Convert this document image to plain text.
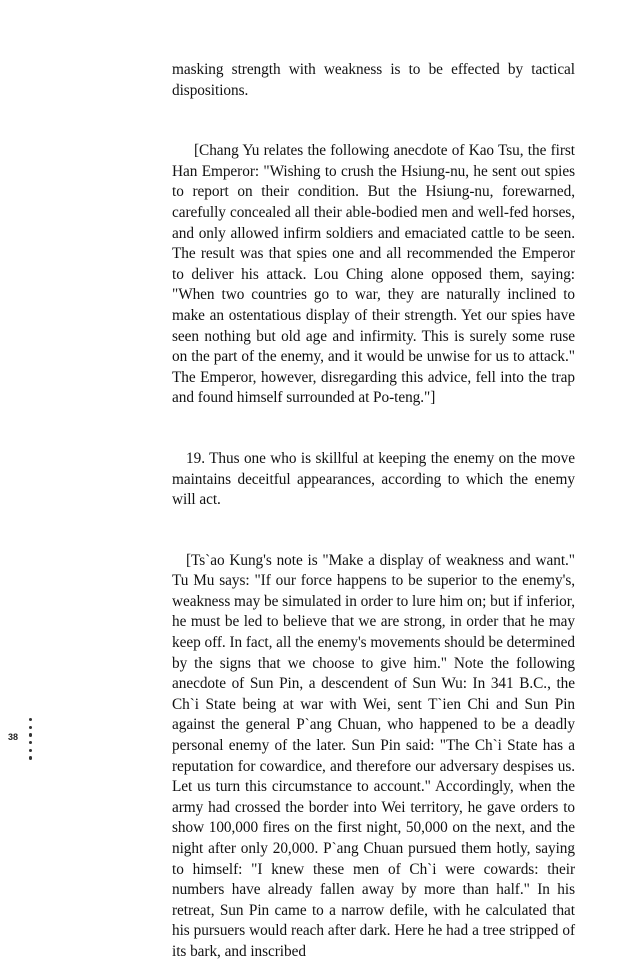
masking strength with weakness is to be effected by tactical dispositions.

[Chang Yu relates the following anecdote of Kao Tsu, the first Han Emperor: "Wishing to crush the Hsiung-nu, he sent out spies to report on their condition. But the Hsiung-nu, forewarned, carefully concealed all their able-bodied men and well-fed horses, and only allowed infirm soldiers and emaciated cattle to be seen. The result was that spies one and all recommended the Emperor to deliver his attack. Lou Ching alone opposed them, saying: "When two countries go to war, they are naturally inclined to make an ostentatious display of their strength. Yet our spies have seen nothing but old age and infirmity. This is surely some ruse on the part of the enemy, and it would be unwise for us to attack." The Emperor, however, disregarding this advice, fell into the trap and found himself surrounded at Po-teng."]

19. Thus one who is skillful at keeping the enemy on the move maintains deceitful appearances, according to which the enemy will act.

[Ts`ao Kung's note is "Make a display of weakness and want." Tu Mu says: "If our force happens to be superior to the enemy's, weakness may be simulated in order to lure him on; but if inferior, he must be led to believe that we are strong, in order that he may keep off. In fact, all the enemy's movements should be determined by the signs that we choose to give him." Note the following anecdote of Sun Pin, a descendent of Sun Wu: In 341 B.C., the Ch`i State being at war with Wei, sent T`ien Chi and Sun Pin against the general P`ang Chuan, who happened to be a deadly personal enemy of the later. Sun Pin said: "The Ch`i State has a reputation for cowardice, and therefore our adversary despises us. Let us turn this circumstance to account." Accordingly, when the army had crossed the border into Wei territory, he gave orders to show 100,000 fires on the first night, 50,000 on the next, and the night after only 20,000. P`ang Chuan pursued them hotly, saying to himself: "I knew these men of Ch`i were cowards: their numbers have already fallen away by more than half." In his retreat, Sun Pin came to a narrow defile, with he calculated that his pursuers would reach after dark. Here he had a tree stripped of its bark, and inscribed

38
